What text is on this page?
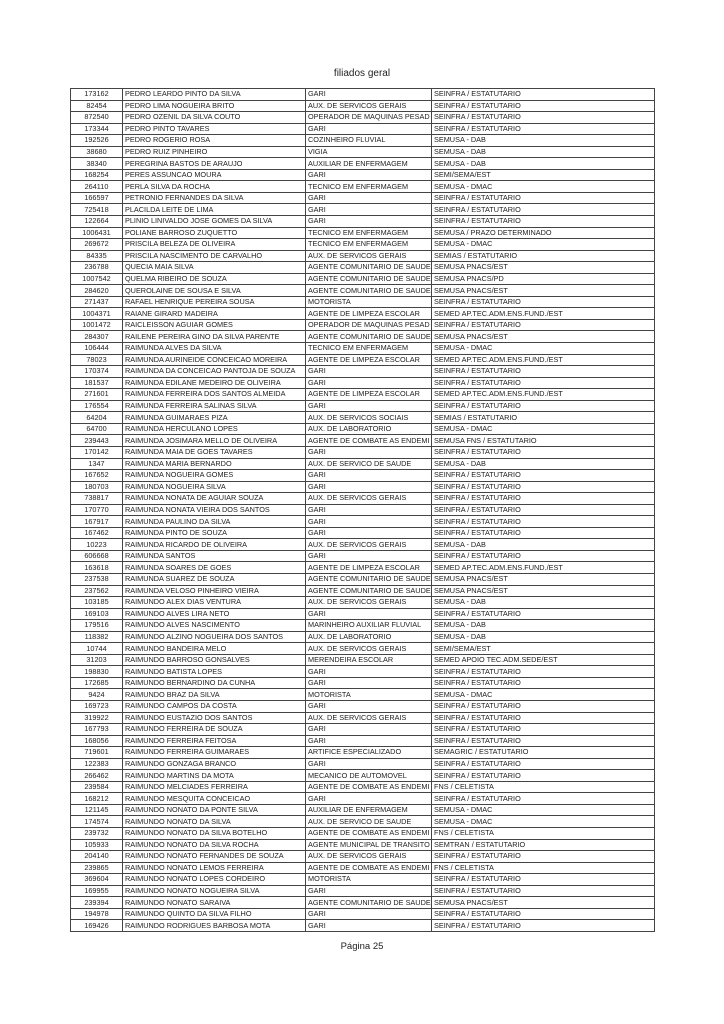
filiados geral
173162	PEDRO LEARDO PINTO DA SILVA	GARI	SEINFRA / ESTATUTARIO
82454	PEDRO LIMA NOGUEIRA BRITO	AUX. DE SERVICOS GERAIS	SEINFRA / ESTATUTARIO
872540	PEDRO OZENIL DA SILVA COUTO	OPERADOR DE MAQUINAS PESAD	SEINFRA / ESTATUTARIO
173344	PEDRO PINTO TAVARES	GARI	SEINFRA / ESTATUTARIO
192526	PEDRO ROGERIO ROSA	COZINHEIRO FLUVIAL	SEMUSA - DAB
38680	PEDRO RUIZ PINHEIRO	VIGIA	SEMUSA - DAB
38340	PEREGRINA BASTOS DE ARAUJO	AUXILIAR DE ENFERMAGEM	SEMUSA - DAB
168254	PERES ASSUNCAO MOURA	GARI	SEMI/SEMA/EST
264110	PERLA SILVA DA ROCHA	TECNICO EM ENFERMAGEM	SEMUSA - DMAC
166597	PETRONIO FERNANDES DA SILVA	GARI	SEINFRA / ESTATUTARIO
725418	PLACILDA LEITE DE LIMA	GARI	SEINFRA / ESTATUTARIO
122664	PLINIO LINIVALDO JOSE GOMES DA SILVA	GARI	SEINFRA / ESTATUTARIO
1006431	POLIANE BARROSO ZUQUETTO	TECNICO EM ENFERMAGEM	SEMUSA / PRAZO DETERMINADO
269672	PRISCILA BELEZA DE OLIVEIRA	TECNICO EM ENFERMAGEM	SEMUSA - DMAC
84335	PRISCILA NASCIMENTO DE CARVALHO	AUX. DE SERVICOS GERAIS	SEMIAS / ESTATUTARIO
236788	QUECIA MAIA SILVA	AGENTE COMUNITARIO DE SAUDE	SEMUSA PNACS/EST
1007542	QUELMA RIBEIRO DE SOUZA	AGENTE COMUNITARIO DE SAUDE	SEMUSA PNACS/PD
284620	QUEROLAINE DE SOUSA E SILVA	AGENTE COMUNITARIO DE SAUDE	SEMUSA PNACS/EST
271437	RAFAEL HENRIQUE PEREIRA SOUSA	MOTORISTA	SEINFRA / ESTATUTARIO
1004371	RAIANE GIRARD MADEIRA	AGENTE DE LIMPEZA ESCOLAR	SEMED AP.TEC.ADM.ENS.FUND./EST
1001472	RAICLEISSON AGUIAR GOMES	OPERADOR DE MAQUINAS PESAD	SEINFRA / ESTATUTARIO
284307	RAILENE PEREIRA GINO DA SILVA PARENTE	AGENTE COMUNITARIO DE SAUDE	SEMUSA PNACS/EST
106444	RAIMUNDA ALVES DA SILVA	TECNICO EM ENFERMAGEM	SEMUSA - DMAC
78023	RAIMUNDA AURINEIDE CONCEICAO MOREIRA	AGENTE DE LIMPEZA ESCOLAR	SEMED AP.TEC.ADM.ENS.FUND./EST
170374	RAIMUNDA DA CONCEICAO PANTOJA DE SOUZA	GARI	SEINFRA / ESTATUTARIO
181537	RAIMUNDA EDILANE MEDEIRO DE OLIVEIRA	GARI	SEINFRA / ESTATUTARIO
271601	RAIMUNDA FERREIRA DOS SANTOS ALMEIDA	AGENTE DE LIMPEZA ESCOLAR	SEMED AP.TEC.ADM.ENS.FUND./EST
176554	RAIMUNDA FERREIRA SALINAS SILVA	GARI	SEINFRA / ESTATUTARIO
64204	RAIMUNDA GUIMARAES PIZA	AUX. DE SERVICOS SOCIAIS	SEMIAS / ESTATUTARIO
64700	RAIMUNDA HERCULANO LOPES	AUX. DE LABORATORIO	SEMUSA - DMAC
239443	RAIMUNDA JOSIMARA MELLO DE OLIVEIRA	AGENTE DE COMBATE AS ENDEMI	SEMUSA FNS / ESTATUTARIO
170142	RAIMUNDA MAIA DE GOES TAVARES	GARI	SEINFRA / ESTATUTARIO
1347	RAIMUNDA MARIA BERNARDO	AUX. DE SERVICO DE SAUDE	SEMUSA - DAB
167652	RAIMUNDA NOGUEIRA GOMES	GARI	SEINFRA / ESTATUTARIO
180703	RAIMUNDA NOGUEIRA SILVA	GARI	SEINFRA / ESTATUTARIO
738817	RAIMUNDA NONATA DE AGUIAR SOUZA	AUX. DE SERVICOS GERAIS	SEINFRA / ESTATUTARIO
170770	RAIMUNDA NONATA VIEIRA DOS SANTOS	GARI	SEINFRA / ESTATUTARIO
167917	RAIMUNDA PAULINO DA SILVA	GARI	SEINFRA / ESTATUTARIO
167462	RAIMUNDA PINTO DE SOUZA	GARI	SEINFRA / ESTATUTARIO
10223	RAIMUNDA RICARDO DE OLIVEIRA	AUX. DE SERVICOS GERAIS	SEMUSA - DAB
606668	RAIMUNDA SANTOS	GARI	SEINFRA / ESTATUTARIO
163618	RAIMUNDA SOARES DE GOES	AGENTE DE LIMPEZA ESCOLAR	SEMED AP.TEC.ADM.ENS.FUND./EST
237538	RAIMUNDA SUAREZ DE SOUZA	AGENTE COMUNITARIO DE SAUDE	SEMUSA PNACS/EST
237562	RAIMUNDA VELOSO PINHEIRO VIEIRA	AGENTE COMUNITARIO DE SAUDE	SEMUSA PNACS/EST
103185	RAIMUNDO ALEX DIAS VENTURA	AUX. DE SERVICOS GERAIS	SEMUSA - DAB
169103	RAIMUNDO ALVES LIRA NETO	GARI	SEINFRA / ESTATUTARIO
179516	RAIMUNDO ALVES NASCIMENTO	MARINHEIRO AUXILIAR FLUVIAL	SEMUSA - DAB
118382	RAIMUNDO ALZINO NOGUEIRA DOS SANTOS	AUX. DE LABORATORIO	SEMUSA - DAB
10744	RAIMUNDO BANDEIRA MELO	AUX. DE SERVICOS GERAIS	SEMI/SEMA/EST
31203	RAIMUNDO BARROSO GONSALVES	MERENDEIRA ESCOLAR	SEMED APOIO TEC.ADM.SEDE/EST
198830	RAIMUNDO BATISTA LOPES	GARI	SEINFRA / ESTATUTARIO
172685	RAIMUNDO BERNARDINO DA CUNHA	GARI	SEINFRA / ESTATUTARIO
9424	RAIMUNDO BRAZ DA SILVA	MOTORISTA	SEMUSA - DMAC
169723	RAIMUNDO CAMPOS DA COSTA	GARI	SEINFRA / ESTATUTARIO
319922	RAIMUNDO EUSTAZIO DOS SANTOS	AUX. DE SERVICOS GERAIS	SEINFRA / ESTATUTARIO
167793	RAIMUNDO FERREIRA DE SOUZA	GARI	SEINFRA / ESTATUTARIO
168056	RAIMUNDO FERREIRA FEITOSA	GARI	SEINFRA / ESTATUTARIO
719601	RAIMUNDO FERREIRA GUIMARAES	ARTIFICE ESPECIALIZADO	SEMAGRIC / ESTATUTARIO
122383	RAIMUNDO GONZAGA BRANCO	GARI	SEINFRA / ESTATUTARIO
266462	RAIMUNDO MARTINS DA MOTA	MECANICO DE AUTOMOVEL	SEINFRA / ESTATUTARIO
239584	RAIMUNDO MELCIADES FERREIRA	AGENTE DE COMBATE AS ENDEMI	FNS / CELETISTA
168212	RAIMUNDO MESQUITA CONCEICAO	GARI	SEINFRA / ESTATUTARIO
121145	RAIMUNDO NONATO DA PONTE SILVA	AUXILIAR DE ENFERMAGEM	SEMUSA - DMAC
174574	RAIMUNDO NONATO DA SILVA	AUX. DE SERVICO DE SAUDE	SEMUSA - DMAC
239732	RAIMUNDO NONATO DA SILVA BOTELHO	AGENTE DE COMBATE AS ENDEMI	FNS / CELETISTA
105933	RAIMUNDO NONATO DA SILVA ROCHA	AGENTE MUNICIPAL DE TRANSITO	SEMTRAN / ESTATUTARIO
204140	RAIMUNDO NONATO FERNANDES DE SOUZA	AUX. DE SERVICOS GERAIS	SEINFRA / ESTATUTARIO
239865	RAIMUNDO NONATO LEMOS FERREIRA	AGENTE DE COMBATE AS ENDEMI	FNS / CELETISTA
369604	RAIMUNDO NONATO LOPES CORDEIRO	MOTORISTA	SEINFRA / ESTATUTARIO
169955	RAIMUNDO NONATO NOGUEIRA SILVA	GARI	SEINFRA / ESTATUTARIO
239394	RAIMUNDO NONATO SARAIVA	AGENTE COMUNITARIO DE SAUDE	SEMUSA PNACS/EST
194978	RAIMUNDO QUINTO DA SILVA FILHO	GARI	SEINFRA / ESTATUTARIO
169426	RAIMUNDO RODRIGUES BARBOSA MOTA	GARI	SEINFRA / ESTATUTARIO
Página 25
